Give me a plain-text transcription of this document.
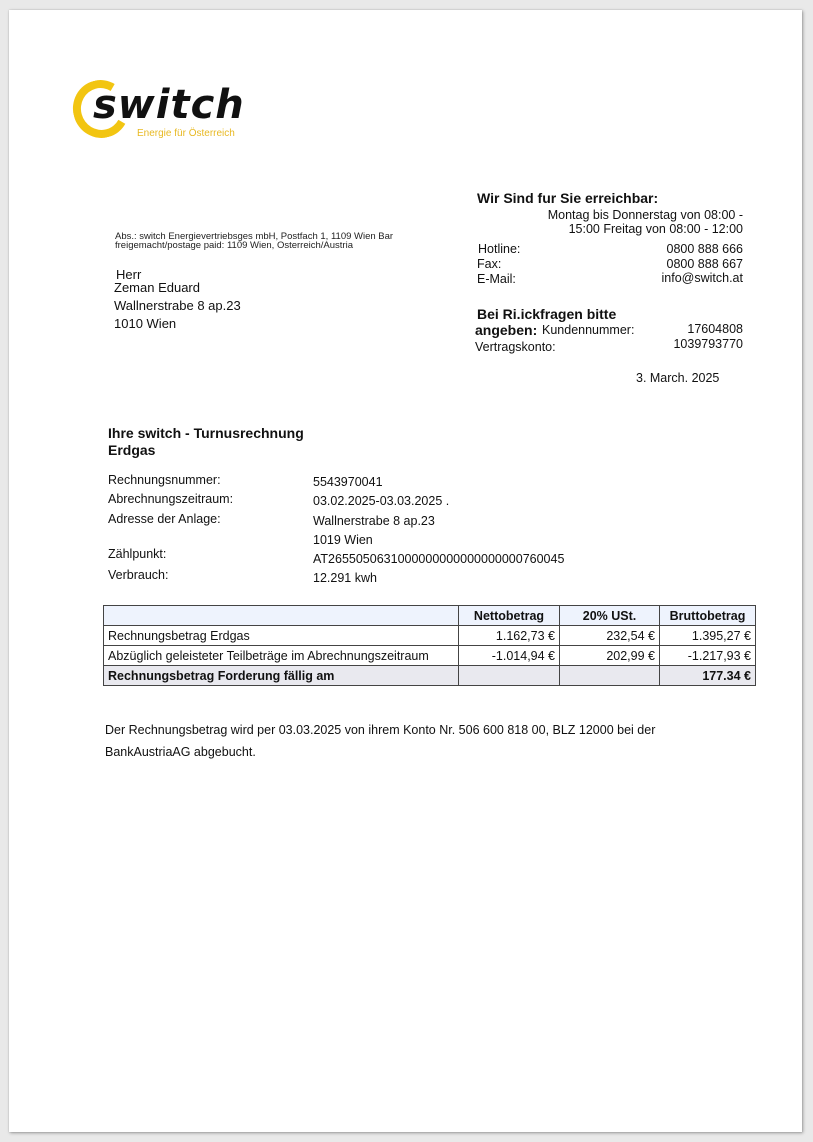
switch
Energie für Österreich
Abs.: switch Energievertriebsges mbH, Postfach 1, 1109 Wien Bar
freigemacht/postage paid: 1109 Wien, Osterreich/Austria
Herr
Zeman Eduard
Wallnerstrabe 8 ap.23
1010 Wien
Wir Sind fur Sie erreichbar:
Montag bis Donnerstag von 08:00 -
15:00 Freitag von 08:00 - 12:00
Hotline:	0800 888 666
Fax:	0800 888 667
E-Mail:	info@switch.at
Bei Ri.ickfragen bitte
angeben: Kundennummer:	17604808
Vertragskonto:	1039793770
3. March. 2025
Ihre switch - Turnusrechnung
Erdgas
Rechnungsnummer:	5543970041
Abrechnungszeitraum:	03.02.2025-03.03.2025 .
Adresse der Anlage:	Wallnerstrabe 8 ap.23
1019 Wien
Zählpunkt:	AT2655050631000000000000000000760045
Verbrauch:	12.291 kwh
	Nettobetrag	20% USt.	Bruttobetrag
Rechnungsbetrag Erdgas	1.162,73 €	232,54 €	1.395,27 €
Abzüglich geleisteter Teilbeträge im Abrechnungszeitraum	-1.014,94 €	202,99 €	-1.217,93 €
Rechnungsbetrag Forderung fällig am			177.34 €
Der Rechnungsbetrag wird per 03.03.2025 von ihrem Konto Nr. 506 600 818 00, BLZ 12000 bei der BankAustriaAG abgebucht.
